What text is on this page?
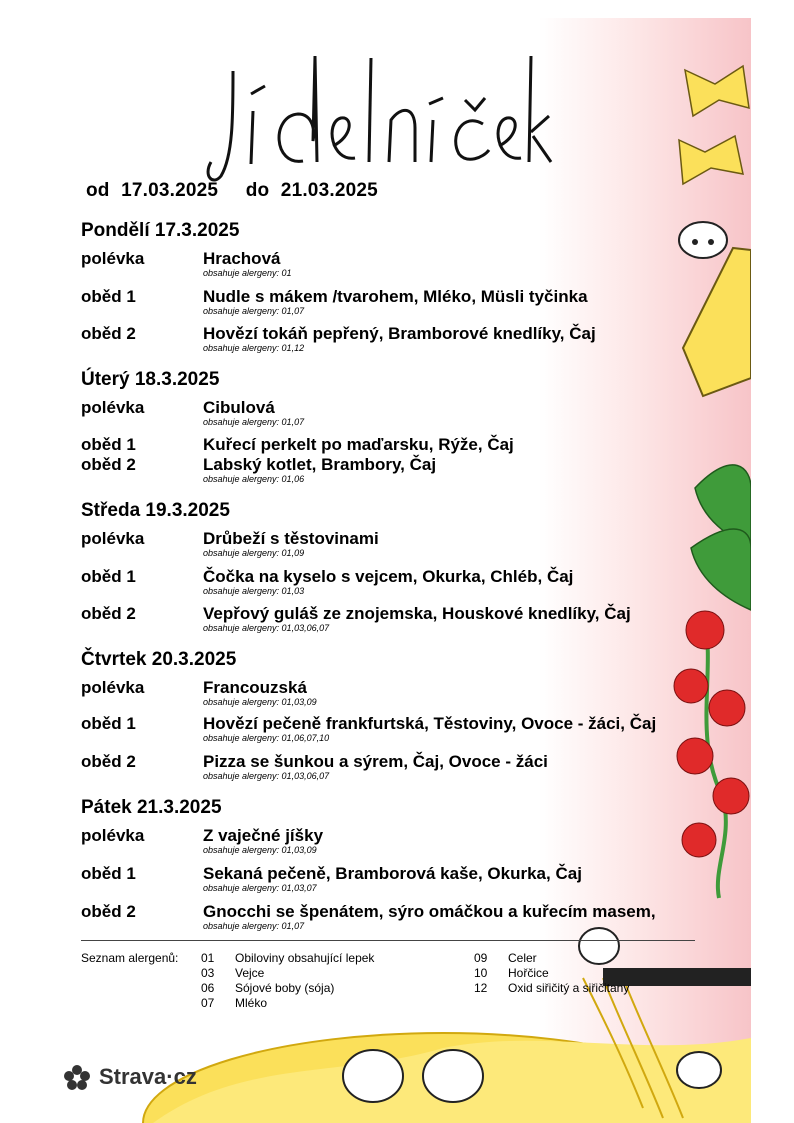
od 17.03.2025 do 21.03.2025
Pondělí 17.3.2025
polévka	Hrachová
obsahuje alergeny: 01
oběd 1	Nudle s mákem /tvarohem, Mléko, Müsli tyčinka
obsahuje alergeny: 01,07
oběd 2	Hovězí tokáň pepřený, Bramborové knedlíky, Čaj
obsahuje alergeny: 01,12
Úterý 18.3.2025
polévka	Cibulová
obsahuje alergeny: 01,07
oběd 1	Kuřecí perkelt po maďarsku, Rýže, Čaj
oběd 2	Labský kotlet, Brambory, Čaj
obsahuje alergeny: 01,06
Středa 19.3.2025
polévka	Drůbeží s těstovinami
obsahuje alergeny: 01,09
oběd 1	Čočka na kyselo s vejcem, Okurka, Chléb, Čaj
obsahuje alergeny: 01,03
oběd 2	Vepřový guláš ze znojemska, Houskové knedlíky, Čaj
obsahuje alergeny: 01,03,06,07
Čtvrtek 20.3.2025
polévka	Francouzská
obsahuje alergeny: 01,03,09
oběd 1	Hovězí pečeně frankfurtská, Těstoviny, Ovoce - žáci, Čaj
obsahuje alergeny: 01,06,07,10
oběd 2	Pizza se šunkou a sýrem, Čaj, Ovoce - žáci
obsahuje alergeny: 01,03,06,07
Pátek 21.3.2025
polévka	Z vaječné jíšky
obsahuje alergeny: 01,03,09
oběd 1	Sekaná pečeně, Bramborová kaše, Okurka, Čaj
obsahuje alergeny: 01,03,07
oběd 2	Gnocchi se špenátem, sýro omáčkou a kuřecím masem,
obsahuje alergeny: 01,07
Seznam alergenů: 01 Obiloviny obsahující lepek
03 Vejce
06 Sójové boby (sója)
07 Mléko
09 Celer
10 Hořčice
12 Oxid siřičitý a siřičitany
Strava·cz
